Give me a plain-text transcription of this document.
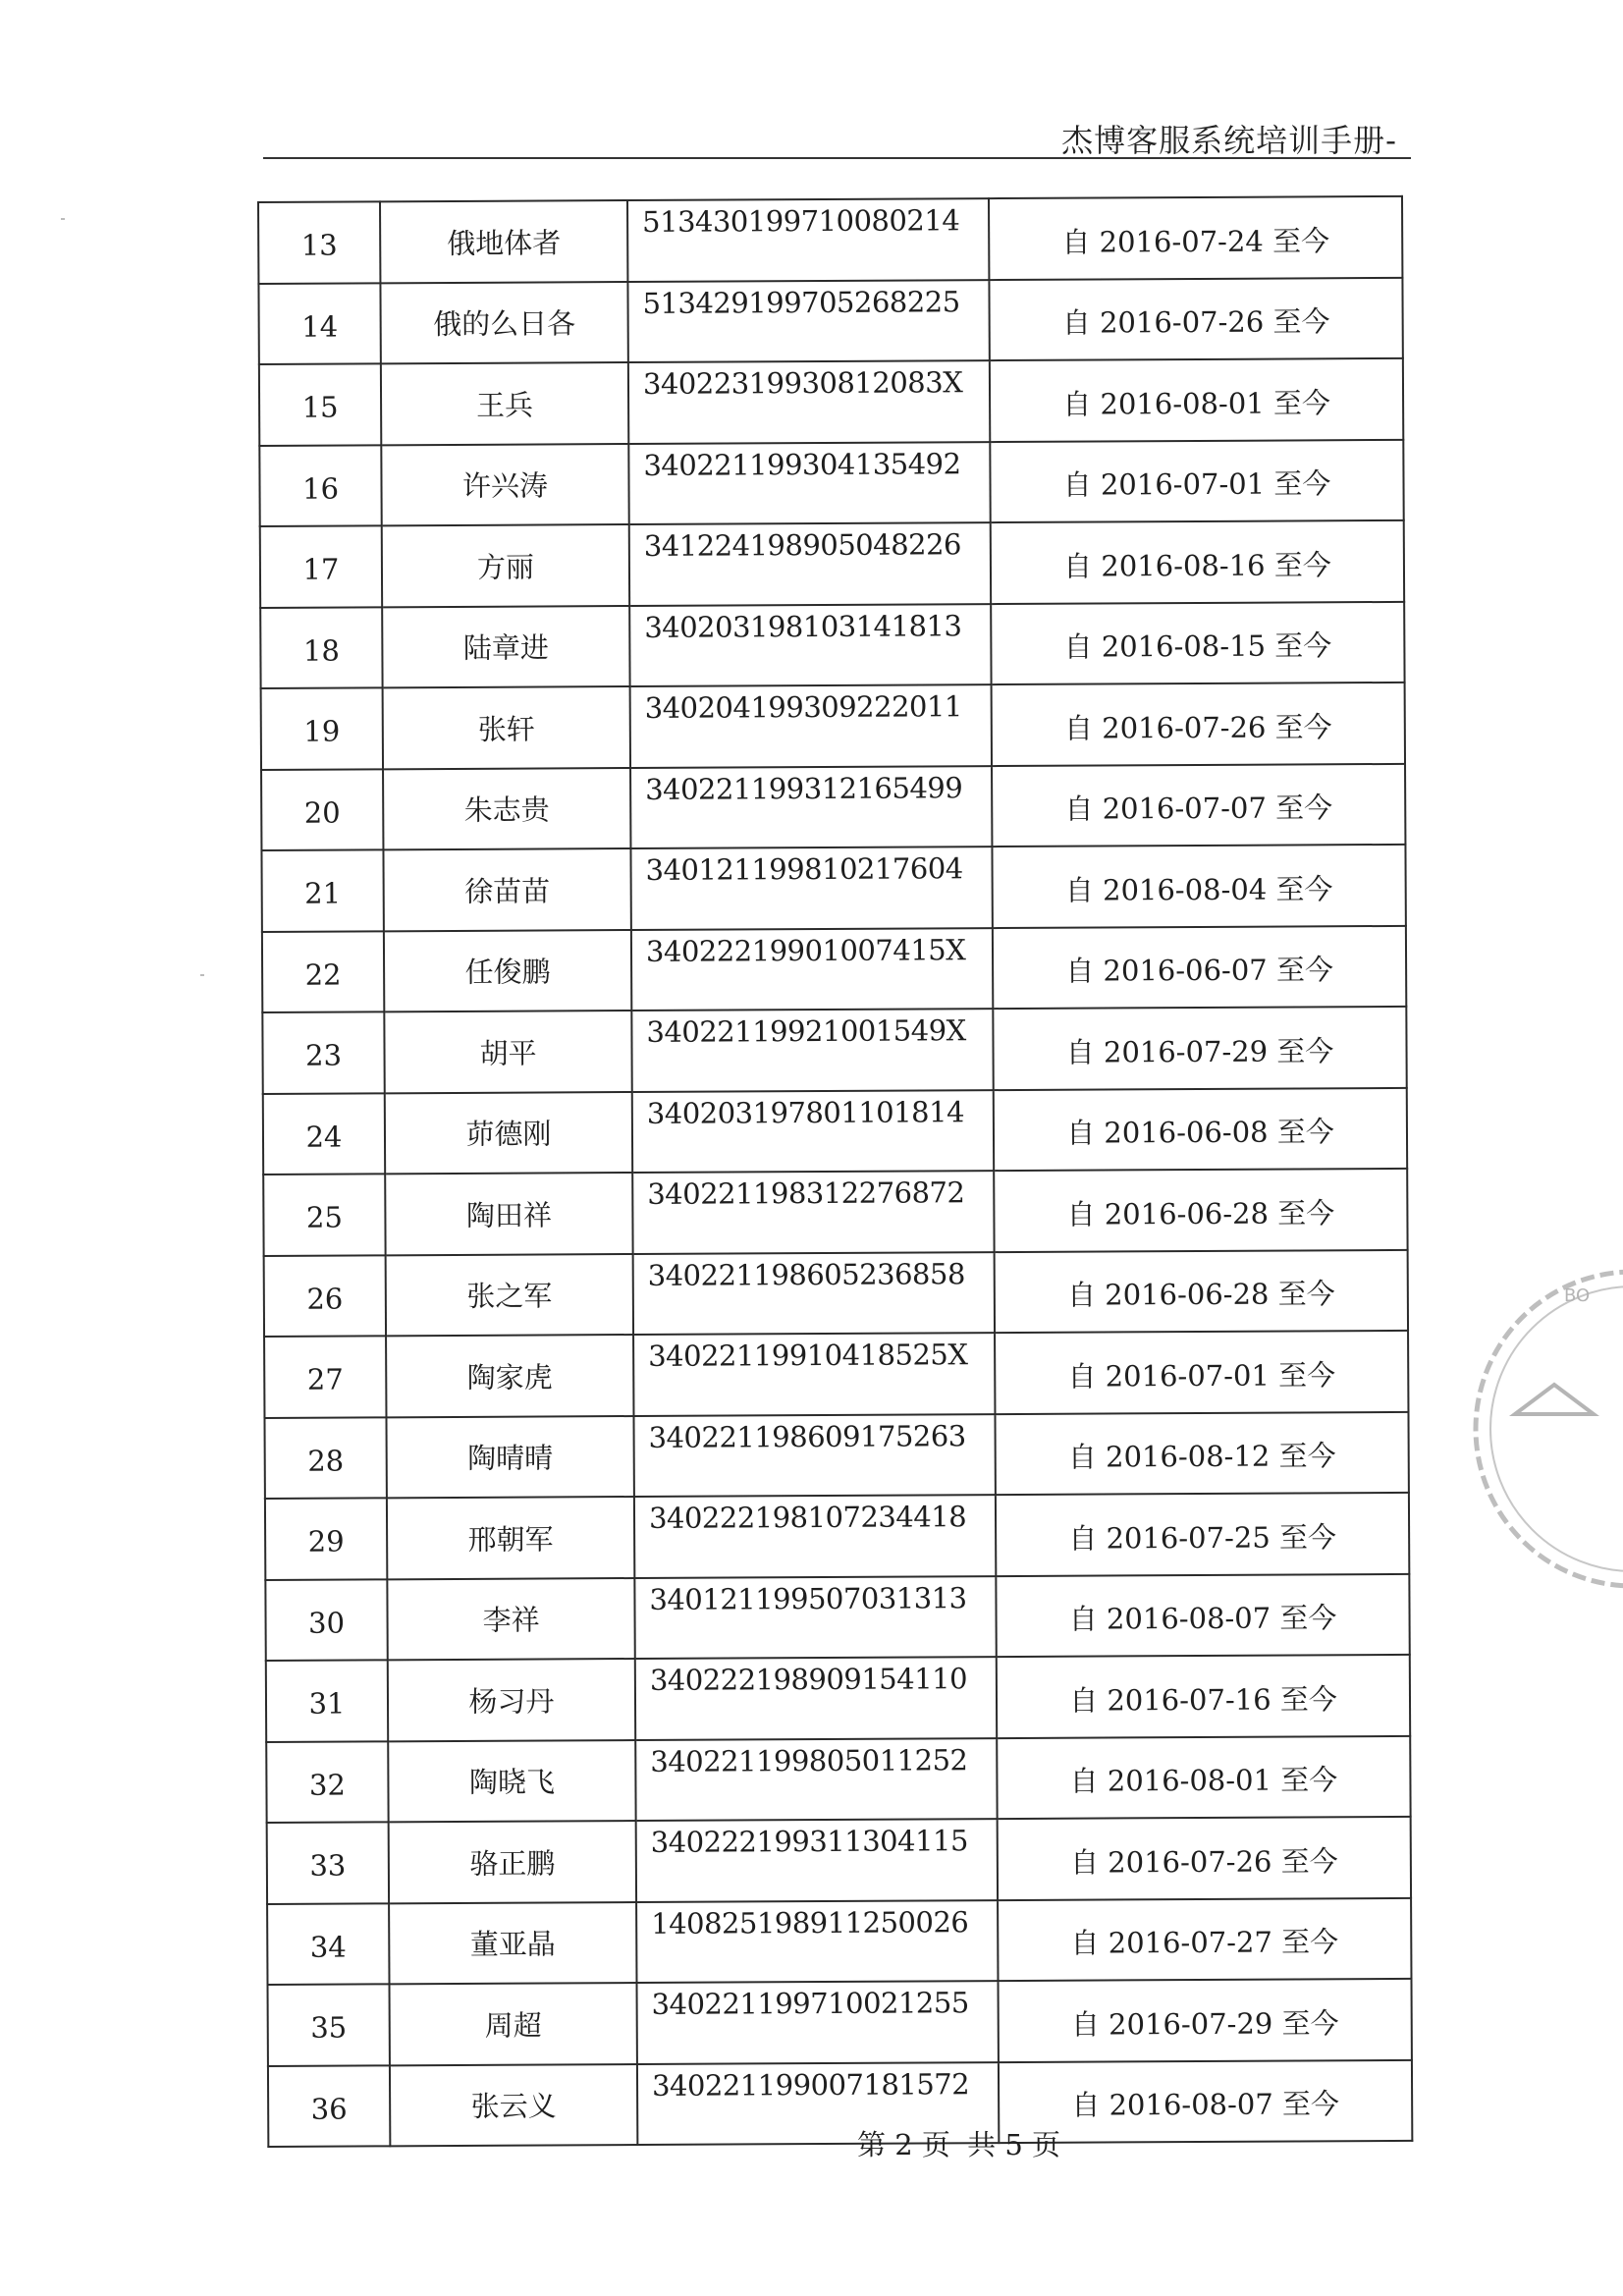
杰博客服系统培训手册-
13	俄地体者	513430199710080214	自 2016-07-24 至今
14	俄的么日各	513429199705268225	自 2016-07-26 至今
15	王兵	34022319930812083X	自 2016-08-01 至今
16	许兴涛	340221199304135492	自 2016-07-01 至今
17	方丽	341224198905048226	自 2016-08-16 至今
18	陆章进	340203198103141813	自 2016-08-15 至今
19	张轩	340204199309222011	自 2016-07-26 至今
20	朱志贵	340221199312165499	自 2016-07-07 至今
21	徐苗苗	340121199810217604	自 2016-08-04 至今
22	任俊鹏	34022219901007415X	自 2016-06-07 至今
23	胡平	34022119921001549X	自 2016-07-29 至今
24	茆德刚	340203197801101814	自 2016-06-08 至今
25	陶田祥	340221198312276872	自 2016-06-28 至今
26	张之军	340221198605236858	自 2016-06-28 至今
27	陶家虎	34022119910418525X	自 2016-07-01 至今
28	陶晴晴	340221198609175263	自 2016-08-12 至今
29	邢朝军	340222198107234418	自 2016-07-25 至今
30	李祥	340121199507031313	自 2016-08-07 至今
31	杨习丹	340222198909154110	自 2016-07-16 至今
32	陶晓飞	340221199805011252	自 2016-08-01 至今
33	骆正鹏	340222199311304115	自 2016-07-26 至今
34	董亚晶	140825198911250026	自 2016-07-27 至今
35	周超	340221199710021255	自 2016-07-29 至今
36	张云义	340221199007181572	自 2016-08-07 至今
第 2 页 共 5 页
BO
